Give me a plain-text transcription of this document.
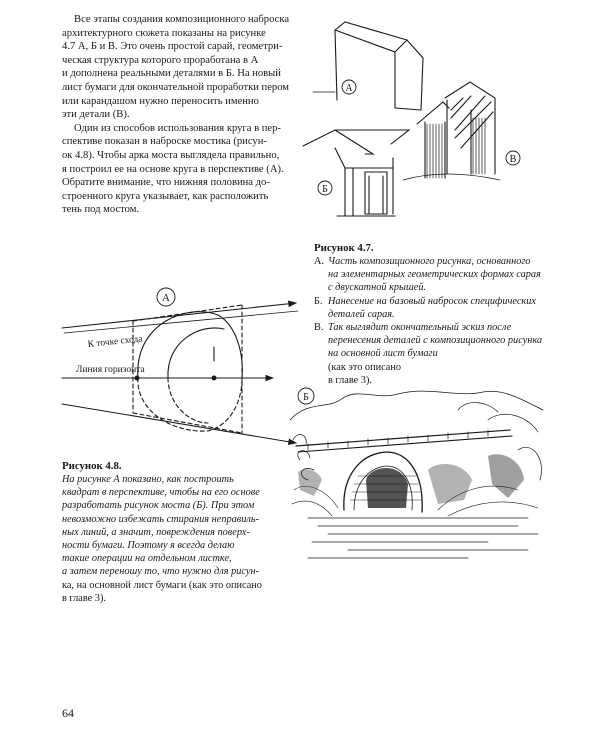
Все этапы создания композиционного наброска
архитектурного сюжета показаны на рисунке
4.7 А, Б и В. Это очень простой сарай, геометри-
ческая структура которого проработана в А
и дополнена реальными деталями в Б. На новый
лист бумаги для окончательной проработки пером
или карандашом нужно переносить именно
эти детали (В).

Один из способов использования круга в пер-
спективе показан в наброске мостика (рисун-
ок 4.8). Чтобы арка моста выглядела правильно,
я построил ее на основе круга в перспективе (А).
Обратите внимание, что нижняя половина до-
строенного круга указывает, как расположить
тень под мостом.

А
Б
В

Рисунок 4.7.

А. Часть композиционного рисунка, основанного
на элементарных геометрических формах сарая
с двускатной крышей.
Б. Нанесение на базовый набросок специфических
деталей сарая.
В. Так выглядит окончательный эскиз после
перенесения деталей с композиционного рисунка
на основной лист бумаги
(как это описано
в главе 3).
А
К точке схода
Линия горизонта

Рисунок 4.8.

На рисунке А показано, как построить
квадрат в перспективе, чтобы на его основе
разработать рисунок моста (Б). При этом
невозможно избежать стирания неправиль-
ных линий, а значит, повреждения поверх-
ности бумаги. Поэтому я всегда делаю
такие операции на отдельном листке,
а затем переношу то, что нужно для рисун-
ка, на основной лист бумаги (как это описано
в главе 3).

Б
64
